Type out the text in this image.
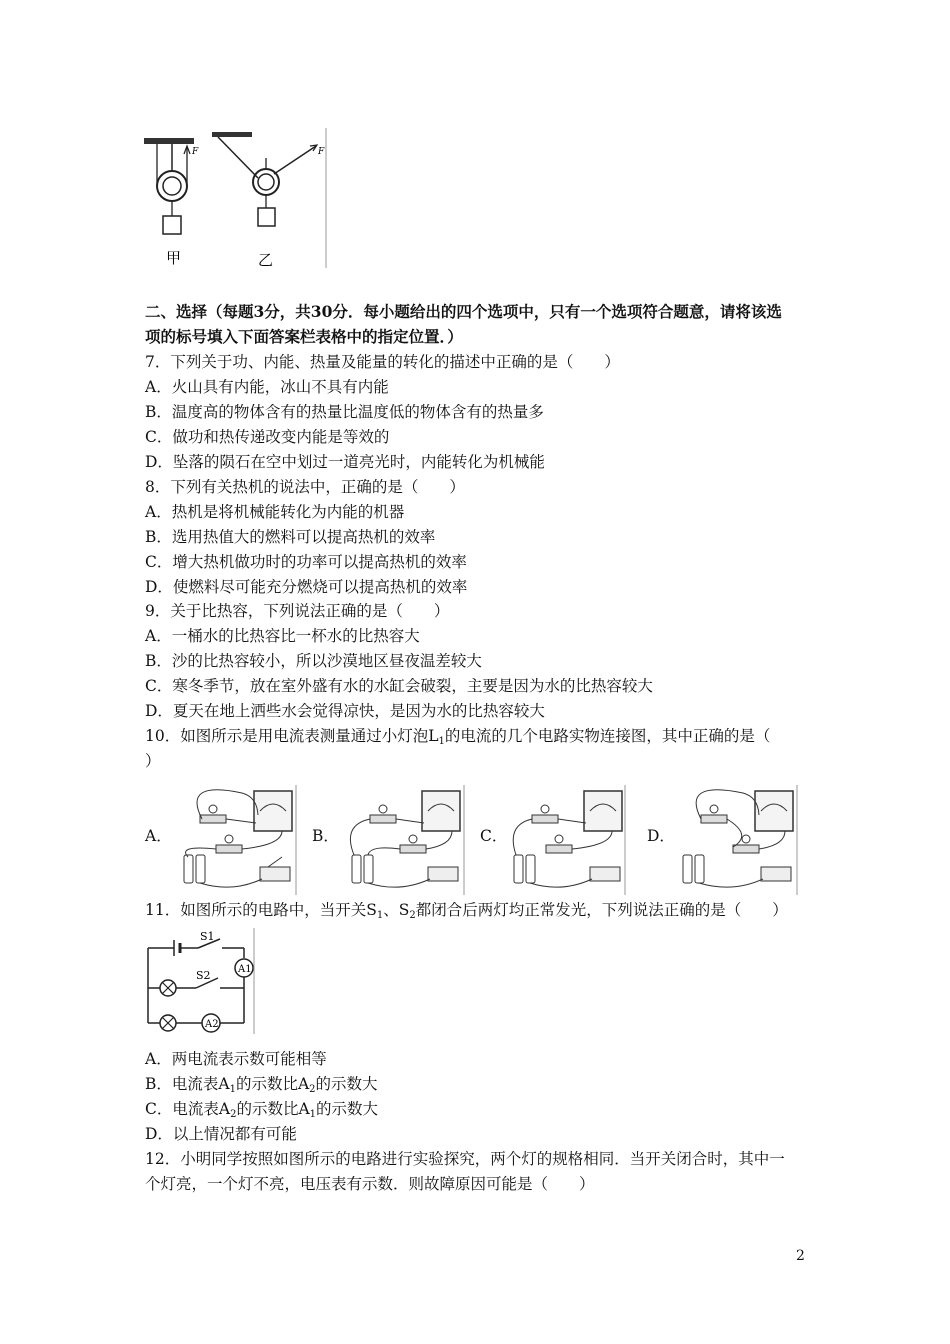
F
甲
F
乙
二、选择（每题3分，共30分．每小题给出的四个选项中，只有一个选项符合题意，请将该选
项的标号填入下面答案栏表格中的指定位置．）
7．下列关于功、内能、热量及能量的转化的描述中正确的是（　　）
A．火山具有内能，冰山不具有内能
B．温度高的物体含有的热量比温度低的物体含有的热量多
C．做功和热传递改变内能是等效的
D．坠落的陨石在空中划过一道亮光时，内能转化为机械能
8．下列有关热机的说法中，正确的是（　　）
A．热机是将机械能转化为内能的机器
B．选用热值大的燃料可以提高热机的效率
C．增大热机做功时的功率可以提高热机的效率
D．使燃料尽可能充分燃烧可以提高热机的效率
9．关于比热容，下列说法正确的是（　　）
A．一桶水的比热容比一杯水的比热容大
B．沙的比热容较小，所以沙漠地区昼夜温差较大
C．寒冬季节，放在室外盛有水的水缸会破裂，主要是因为水的比热容较大
D．夏天在地上洒些水会觉得凉快，是因为水的比热容较大
10．如图所示是用电流表测量通过小灯泡$L_1$的电流的几个电路实物连接图，其中正确的是（
）
A．	B．	C．	D．
11．如图所示的电路中，当开关$S_1$、$S_2$都闭合后两灯均正常发光，下列说法正确的是（　　）
S1
A1
S2
A2
A．两电流表示数可能相等
B．电流表$A_1$的示数比$A_2$的示数大
C．电流表$A_2$的示数比$A_1$的示数大
D．以上情况都有可能
12．小明同学按照如图所示的电路进行实验探究，两个灯的规格相同．当开关闭合时，其中一
个灯亮，一个灯不亮，电压表有示数．则故障原因可能是（　　）
2
